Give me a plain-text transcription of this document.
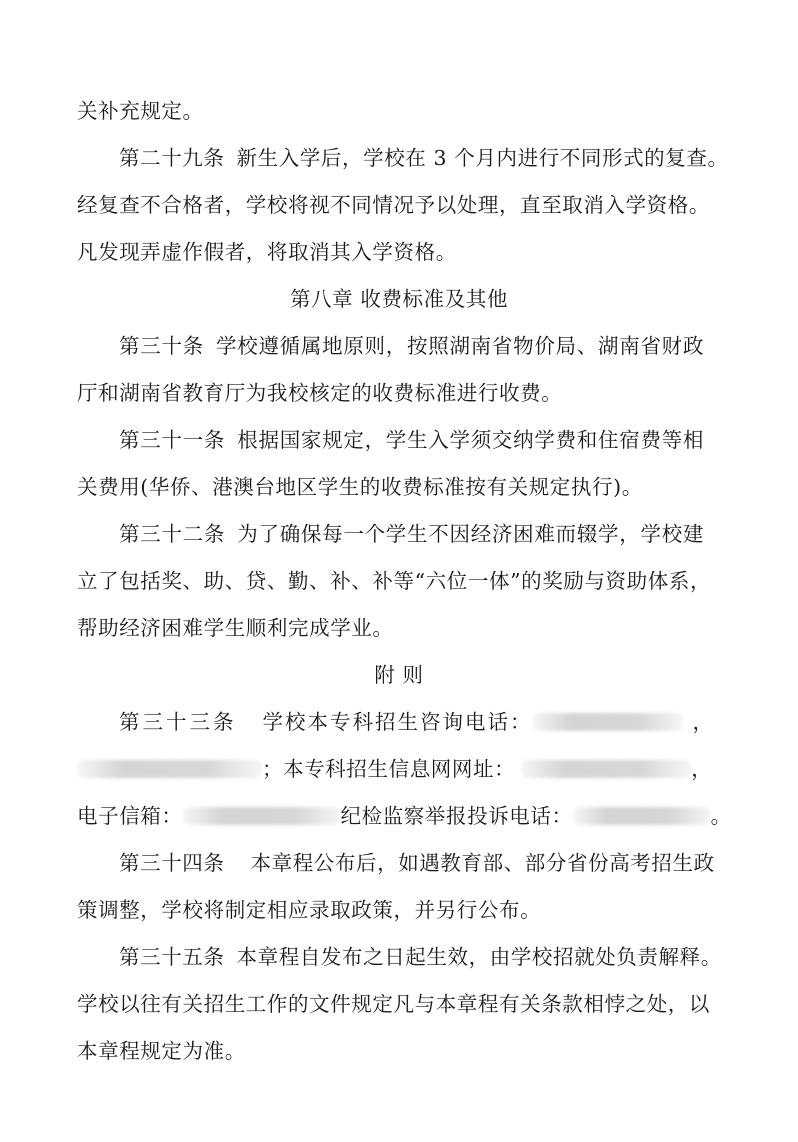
关补充规定。
第二十九条 新生入学后，学校在 3 个月内进行不同形式的复查。
经复查不合格者，学校将视不同情况予以处理，直至取消入学资格。
凡发现弄虚作假者，将取消其入学资格。
第八章 收费标准及其他
第三十条 学校遵循属地原则，按照湖南省物价局、湖南省财政
厅和湖南省教育厅为我校核定的收费标准进行收费。
第三十一条 根据国家规定，学生入学须交纳学费和住宿费等相
关费用(华侨、港澳台地区学生的收费标准按有关规定执行)。
第三十二条 为了确保每一个学生不因经济困难而辍学，学校建
立了包括奖、助、贷、勤、补、补等“六位一体”的奖励与资助体系，
帮助经济困难学生顺利完成学业。
附 则
第三十三条 学校本专科招生咨询电话：	，
；本专科招生信息网网址：	，
电子信箱：	纪检监察举报投诉电话：	。
第三十四条 本章程公布后，如遇教育部、部分省份高考招生政
策调整，学校将制定相应录取政策，并另行公布。
第三十五条 本章程自发布之日起生效，由学校招就处负责解释。
学校以往有关招生工作的文件规定凡与本章程有关条款相悖之处，以
本章程规定为准。
